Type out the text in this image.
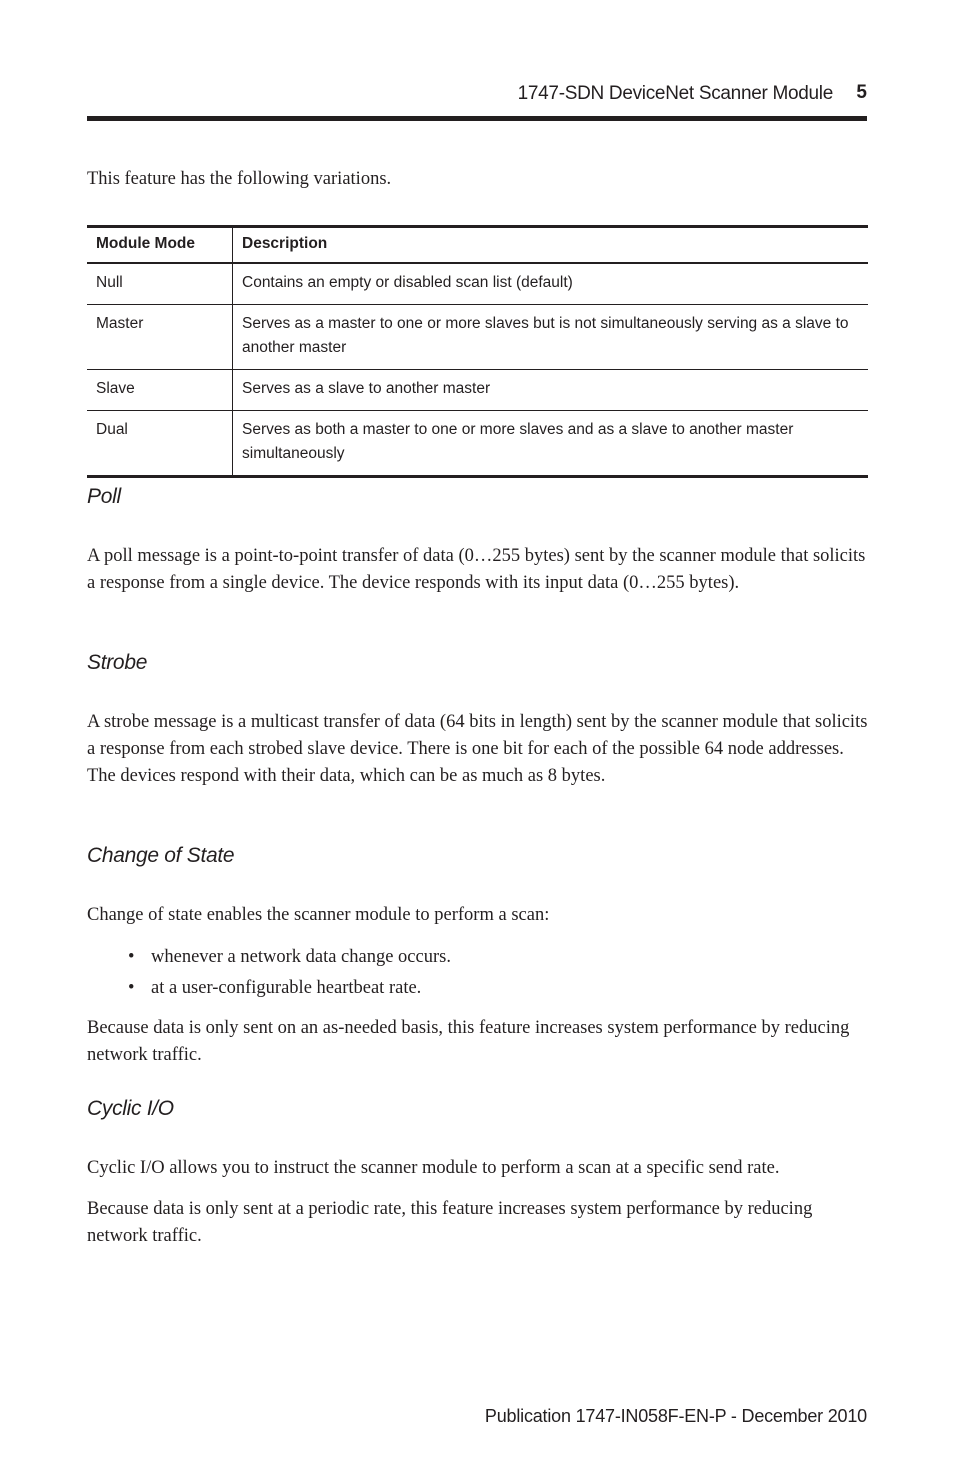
1747-SDN DeviceNet Scanner Module 5

This feature has the following variations.

Module Mode	Description
Null	Contains an empty or disabled scan list (default)
Master	Serves as a master to one or more slaves but is not simultaneously serving as a slave to another master
Slave	Serves as a slave to another master
Dual	Serves as both a master to one or more slaves and as a slave to another master simultaneously
Poll

A poll message is a point-to-point transfer of data (0…255 bytes) sent by the scanner module that solicits a response from a single device. The device responds with its input data (0…255 bytes).

Strobe

A strobe message is a multicast transfer of data (64 bits in length) sent by the scanner module that solicits a response from each strobed slave device. There is one bit for each of the possible 64 node addresses. The devices respond with their data, which can be as much as 8 bytes.

Change of State

Change of state enables the scanner module to perform a scan:

• whenever a network data change occurs.
• at a user-configurable heartbeat rate.

Because data is only sent on an as-needed basis, this feature increases system performance by reducing network traffic.

Cyclic I/O

Cyclic I/O allows you to instruct the scanner module to perform a scan at a specific send rate.

Because data is only sent at a periodic rate, this feature increases system performance by reducing network traffic.

Publication 1747-IN058F-EN-P - December 2010
